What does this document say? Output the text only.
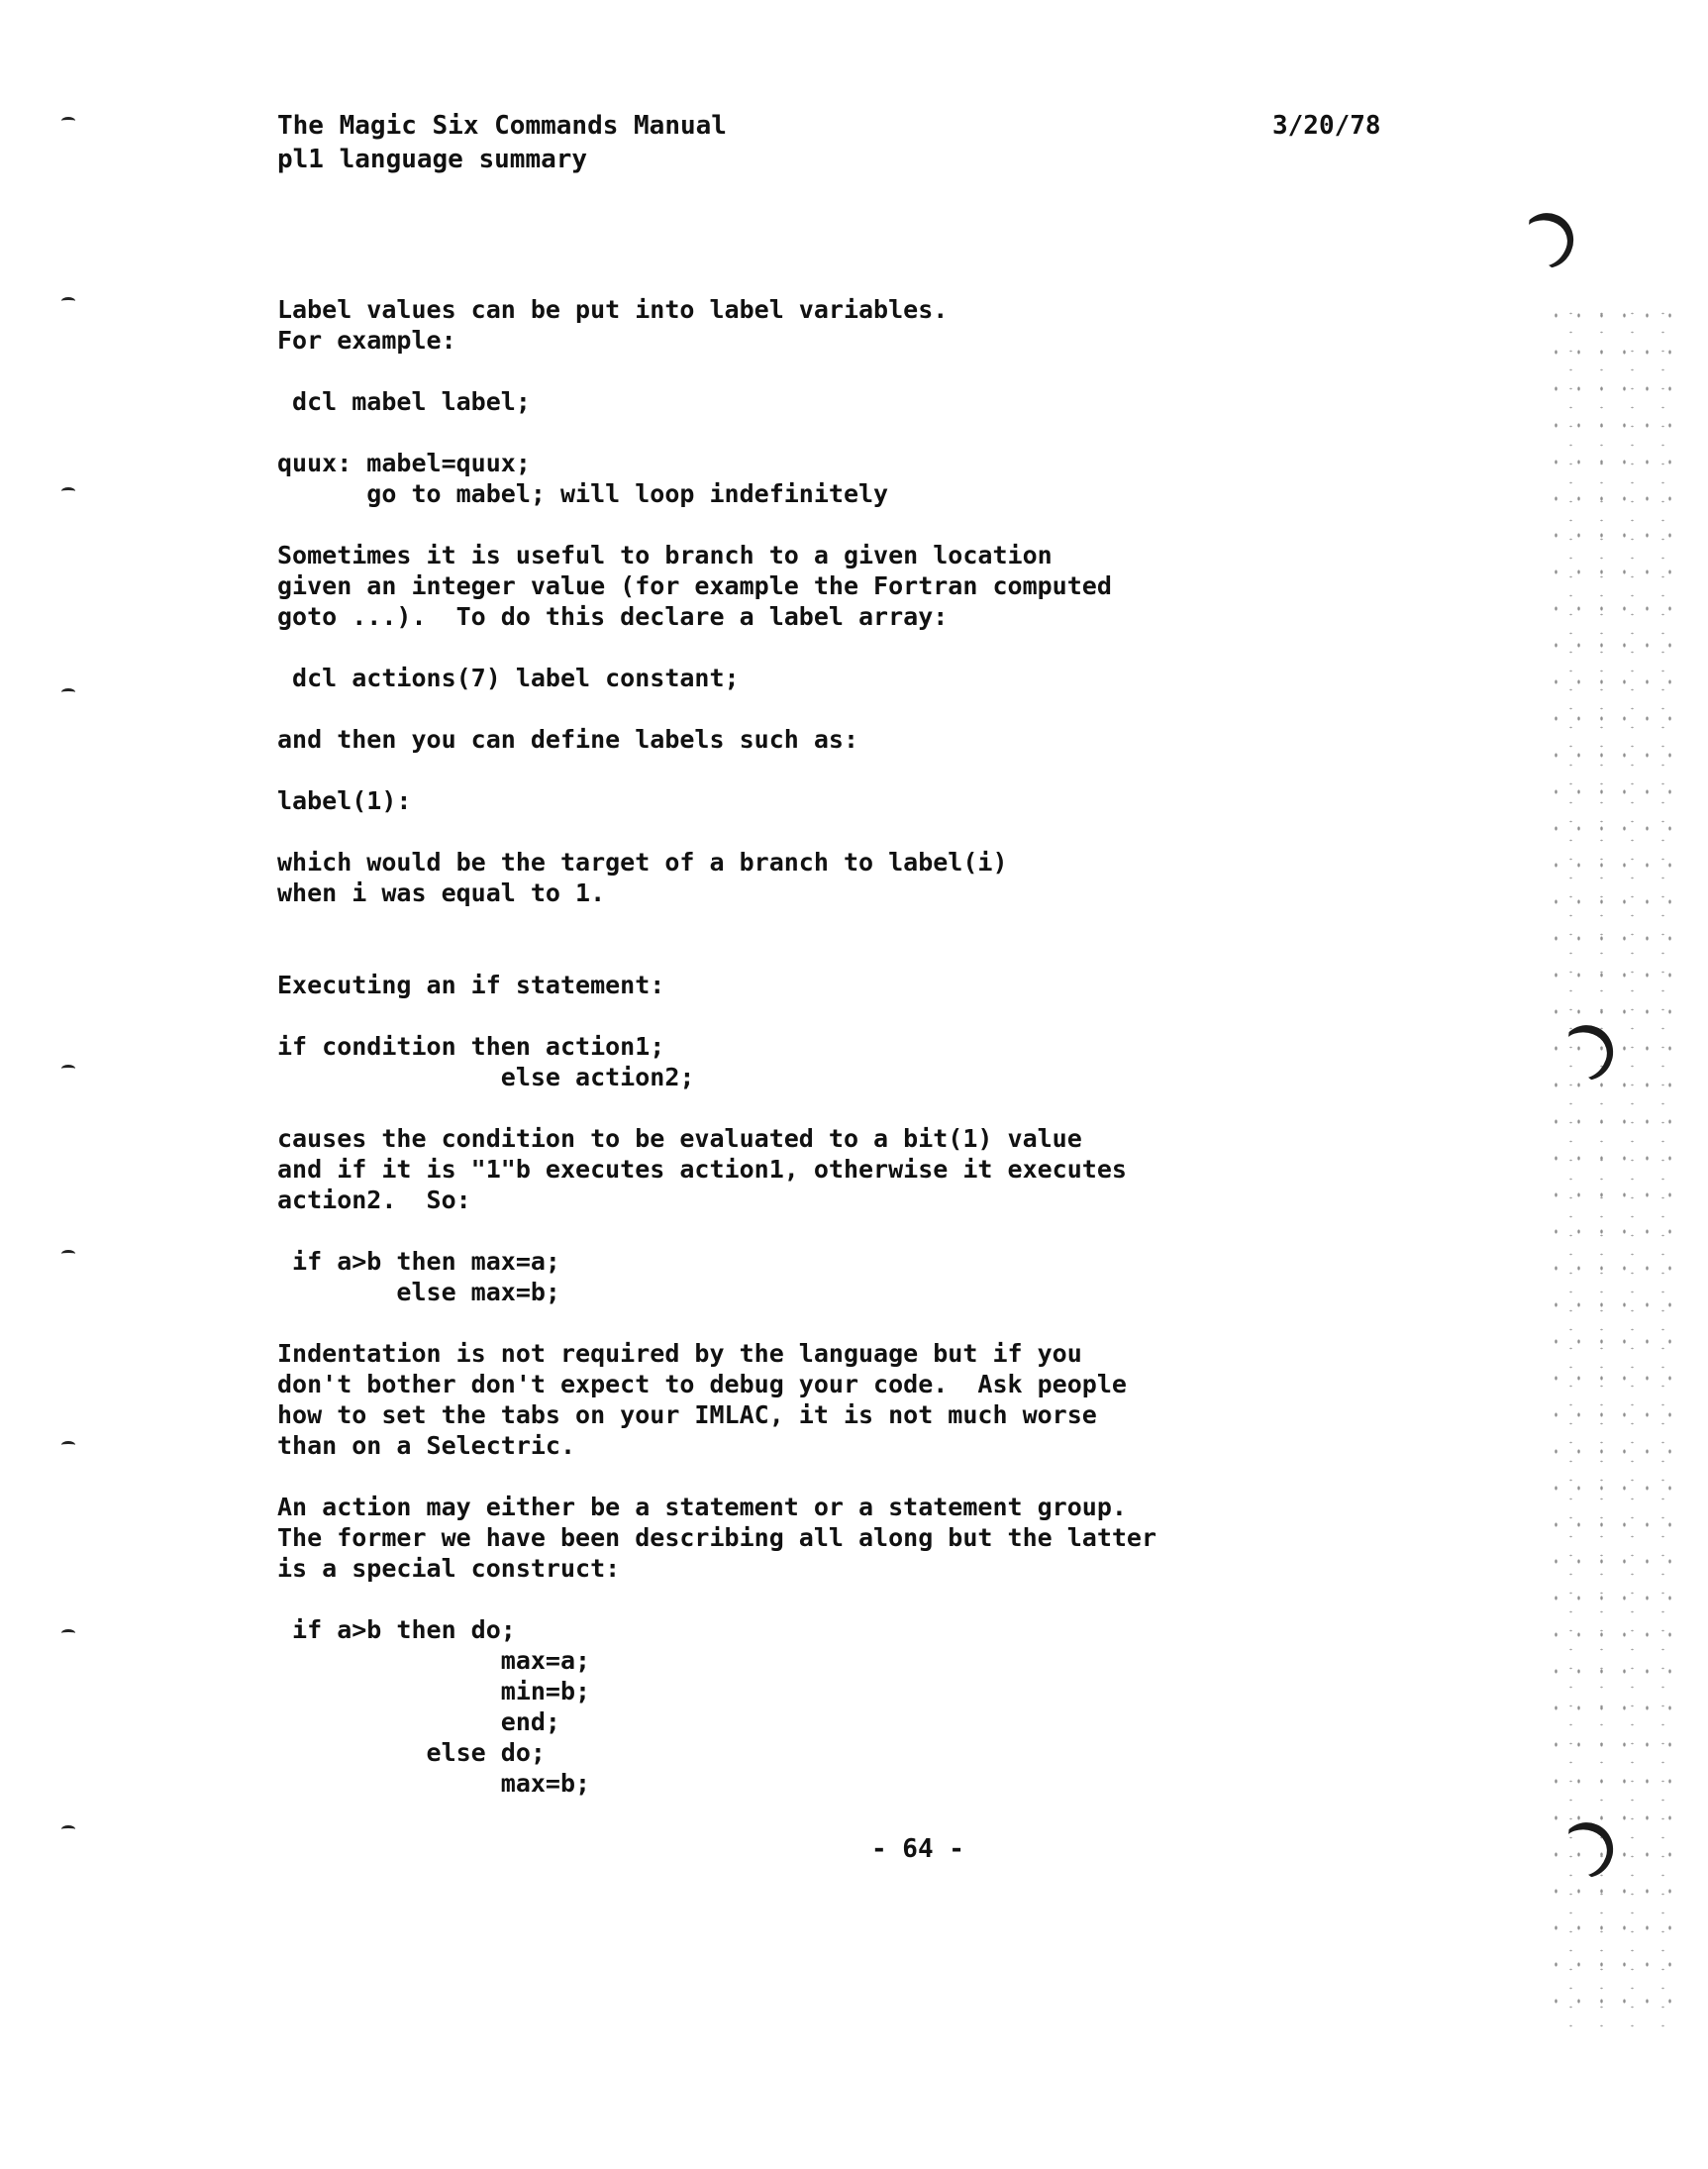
The Magic Six Commands Manual
pl1 language summary
3/20/78
Label values can be put into label variables.
For example:
dcl mabel label;
quux: mabel=quux;
go to mabel; will loop indefinitely
Sometimes it is useful to branch to a given location
given an integer value (for example the Fortran computed
goto ...).  To do this declare a label array:
dcl actions(7) label constant;
and then you can define labels such as:
label(1):
which would be the target of a branch to label(i)
when i was equal to 1.
Executing an if statement:
if condition then action1;
else action2;
causes the condition to be evaluated to a bit(1) value
and if it is "1"b executes action1, otherwise it executes
action2.  So:
if a>b then max=a;
else max=b;
Indentation is not required by the language but if you
don't bother don't expect to debug your code.  Ask people
how to set the tabs on your IMLAC, it is not much worse
than on a Selectric.
An action may either be a statement or a statement group.
The former we have been describing all along but the latter
is a special construct:
if a>b then do;
max=a;
min=b;
end;
else do;
max=b;
- 64 -
